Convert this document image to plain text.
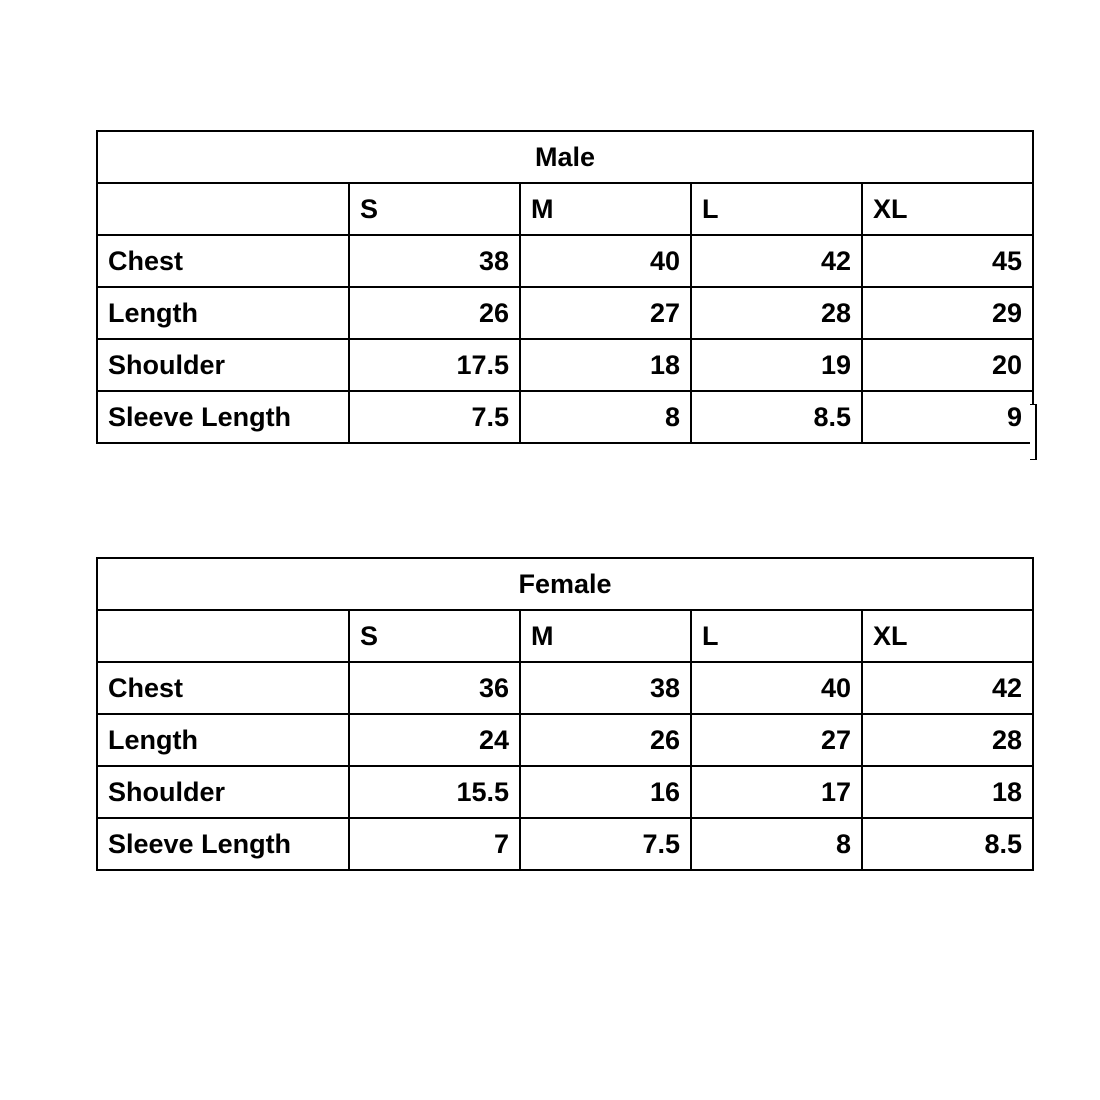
Male				
	S	M	L	XL
Chest	38	40	42	45
Length	26	27	28	29
Shoulder	17.5	18	19	20
Sleeve Length	7.5	8	8.5	9
Female				
	S	M	L	XL
Chest	36	38	40	42
Length	24	26	27	28
Shoulder	15.5	16	17	18
Sleeve Length	7	7.5	8	8.5
